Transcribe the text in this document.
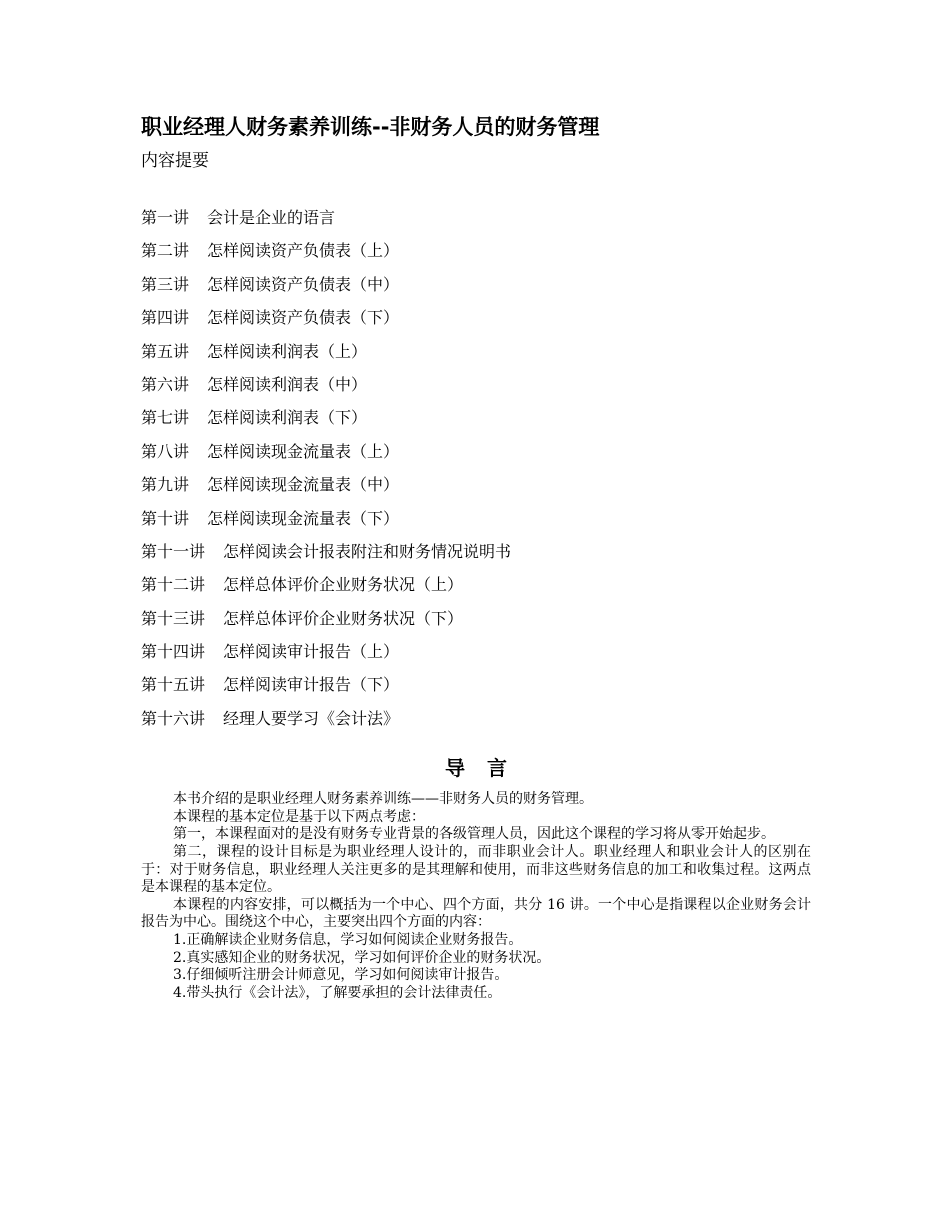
职业经理人财务素养训练--非财务人员的财务管理
内容提要
第一讲 会计是企业的语言
第二讲 怎样阅读资产负债表（上）
第三讲 怎样阅读资产负债表（中）
第四讲 怎样阅读资产负债表（下）
第五讲 怎样阅读利润表（上）
第六讲 怎样阅读利润表（中）
第七讲 怎样阅读利润表（下）
第八讲 怎样阅读现金流量表（上）
第九讲 怎样阅读现金流量表（中）
第十讲 怎样阅读现金流量表（下）
第十一讲 怎样阅读会计报表附注和财务情况说明书
第十二讲 怎样总体评价企业财务状况（上）
第十三讲 怎样总体评价企业财务状况（下）
第十四讲 怎样阅读审计报告（上）
第十五讲 怎样阅读审计报告（下）
第十六讲 经理人要学习《会计法》
导言

本书介绍的是职业经理人财务素养训练——非财务人员的财务管理。

本课程的基本定位是基于以下两点考虑：

第一，本课程面对的是没有财务专业背景的各级管理人员，因此这个课程的学习将从零开始起步。

第二，课程的设计目标是为职业经理人设计的，而非职业会计人。职业经理人和职业会计人的区别在于：对于财务信息，职业经理人关注更多的是其理解和使用，而非这些财务信息的加工和收集过程。这两点是本课程的基本定位。

本课程的内容安排，可以概括为一个中心、四个方面，共分 16 讲。一个中心是指课程以企业财务会计报告为中心。围绕这个中心，主要突出四个方面的内容：

1.正确解读企业财务信息，学习如何阅读企业财务报告。

2.真实感知企业的财务状况，学习如何评价企业的财务状况。

3.仔细倾听注册会计师意见，学习如何阅读审计报告。

4.带头执行《会计法》，了解要承担的会计法律责任。
